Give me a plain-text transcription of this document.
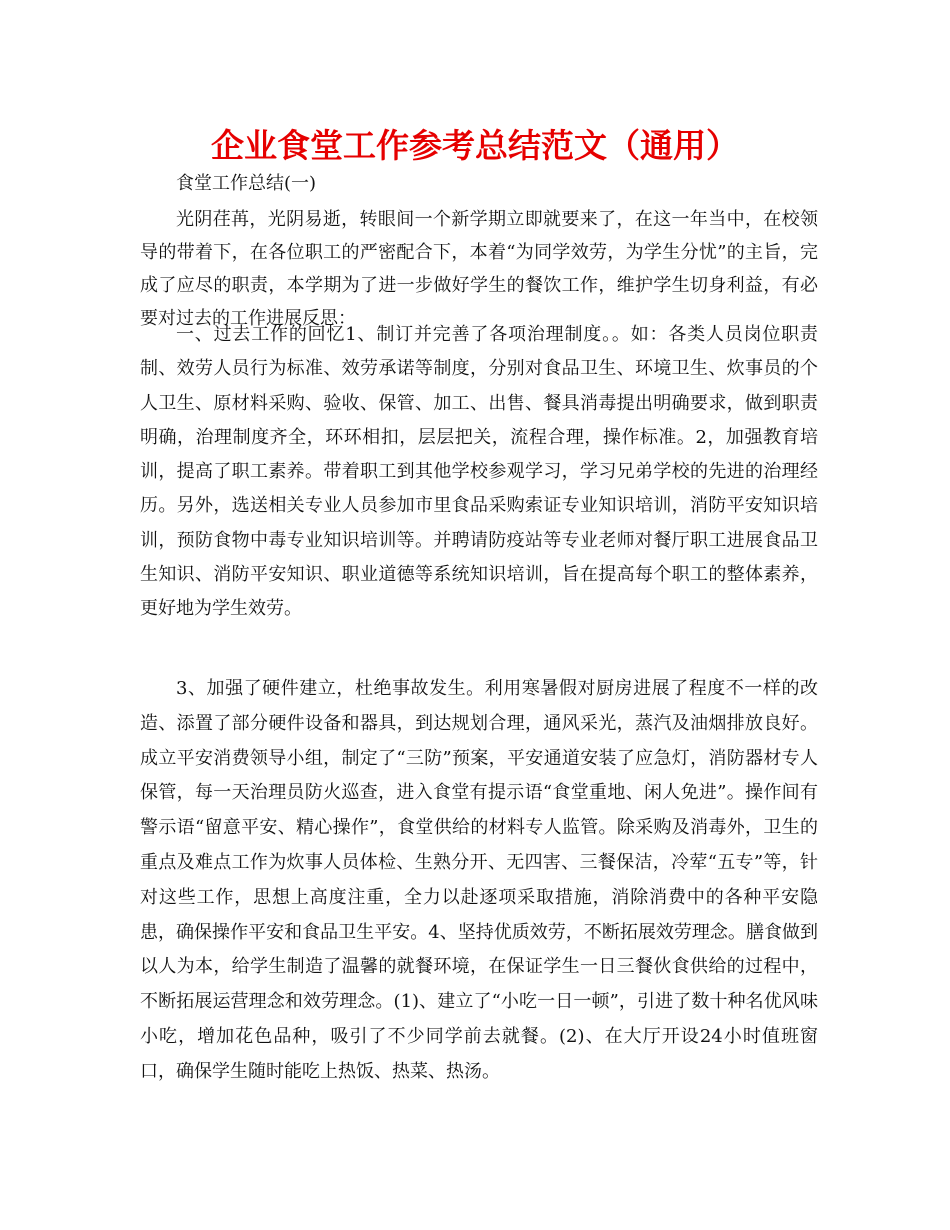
企业食堂工作参考总结范文（通用）

食堂工作总结(一)

光阴荏苒，光阴易逝，转眼间一个新学期立即就要来了，在这一年当中，在校领导的带着下，在各位职工的严密配合下，本着“为同学效劳，为学生分忧”的主旨，完成了应尽的职责，本学期为了进一步做好学生的餐饮工作，维护学生切身利益，有必要对过去的工作进展反思：

一、过去工作的回忆1、制订并完善了各项治理制度。。如：各类人员岗位职责制、效劳人员行为标准、效劳承诺等制度，分别对食品卫生、环境卫生、炊事员的个人卫生、原材料采购、验收、保管、加工、出售、餐具消毒提出明确要求，做到职责明确，治理制度齐全，环环相扣，层层把关，流程合理，操作标准。2，加强教育培训，提高了职工素养。带着职工到其他学校参观学习，学习兄弟学校的先进的治理经历。另外，选送相关专业人员参加市里食品采购索证专业知识培训，消防平安知识培训，预防食物中毒专业知识培训等。并聘请防疫站等专业老师对餐厅职工进展食品卫生知识、消防平安知识、职业道德等系统知识培训，旨在提高每个职工的整体素养，更好地为学生效劳。

3、加强了硬件建立，杜绝事故发生。利用寒暑假对厨房进展了程度不一样的改造、添置了部分硬件设备和器具，到达规划合理，通风采光，蒸汽及油烟排放良好。成立平安消费领导小组，制定了“三防”预案，平安通道安装了应急灯，消防器材专人保管，每一天治理员防火巡查，进入食堂有提示语“食堂重地、闲人免进”。操作间有警示语“留意平安、精心操作”，食堂供给的材料专人监管。除采购及消毒外，卫生的重点及难点工作为炊事人员体检、生熟分开、无四害、三餐保洁，冷荤“五专”等，针对这些工作，思想上高度注重，全力以赴逐项采取措施，消除消费中的各种平安隐患，确保操作平安和食品卫生平安。4、坚持优质效劳，不断拓展效劳理念。膳食做到以人为本，给学生制造了温馨的就餐环境，在保证学生一日三餐伙食供给的过程中，不断拓展运营理念和效劳理念。(1)、建立了“小吃一日一顿”，引进了数十种名优风味小吃，增加花色品种，吸引了不少同学前去就餐。(2)、在大厅开设24小时值班窗口，确保学生随时能吃上热饭、热菜、热汤。
